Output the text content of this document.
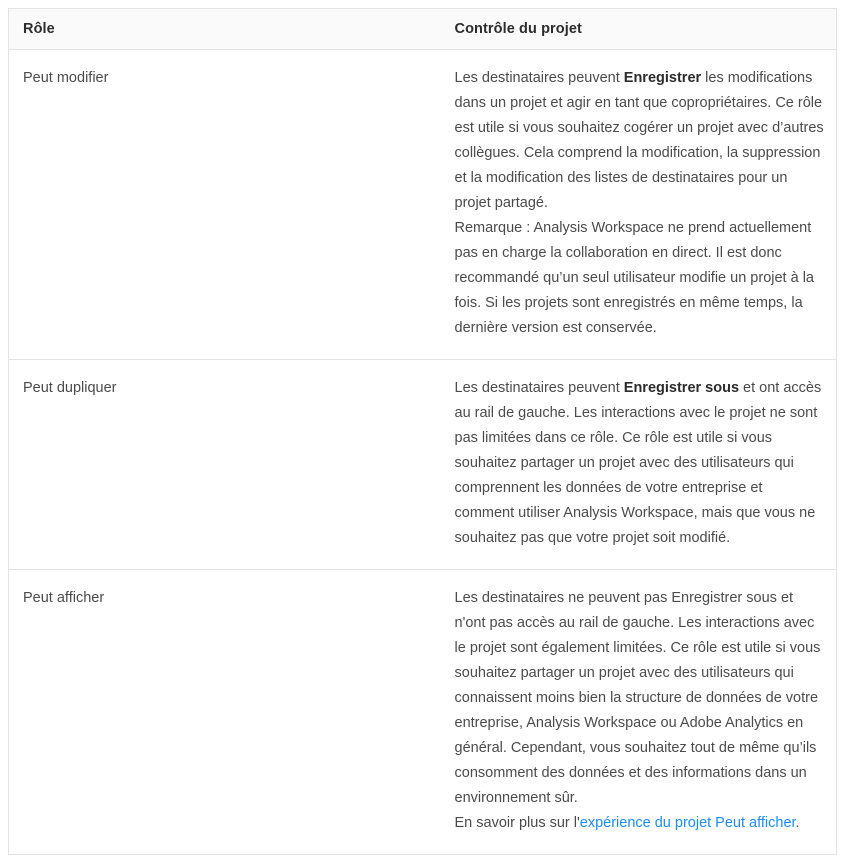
Rôle	Contrôle du projet
Peut modifier	Les destinataires peuvent Enregistrer les modifications dans un projet et agir en tant que copropriétaires. Ce rôle est utile si vous souhaitez cogérer un projet avec d’autres collègues. Cela comprend la modification, la suppression et la modification des listes de destinataires pour un projet partagé.

Remarque : Analysis Workspace ne prend actuellement pas en charge la collaboration en direct. Il est donc recommandé qu’un seul utilisateur modifie un projet à la fois. Si les projets sont enregistrés en même temps, la dernière version est conservée.

Peut dupliquer	Les destinataires peuvent Enregistrer sous et ont accès au rail de gauche. Les interactions avec le projet ne sont pas limitées dans ce rôle. Ce rôle est utile si vous souhaitez partager un projet avec des utilisateurs qui comprennent les données de votre entreprise et comment utiliser Analysis Workspace, mais que vous ne souhaitez pas que votre projet soit modifié.

Peut afficher	Les destinataires ne peuvent pas Enregistrer sous et n'ont pas accès au rail de gauche. Les interactions avec le projet sont également limitées. Ce rôle est utile si vous souhaitez partager un projet avec des utilisateurs qui connaissent moins bien la structure de données de votre entreprise, Analysis Workspace ou Adobe Analytics en général. Cependant, vous souhaitez tout de même qu’ils consomment des données et des informations dans un environnement sûr.

En savoir plus sur l'expérience du projet Peut afficher.
